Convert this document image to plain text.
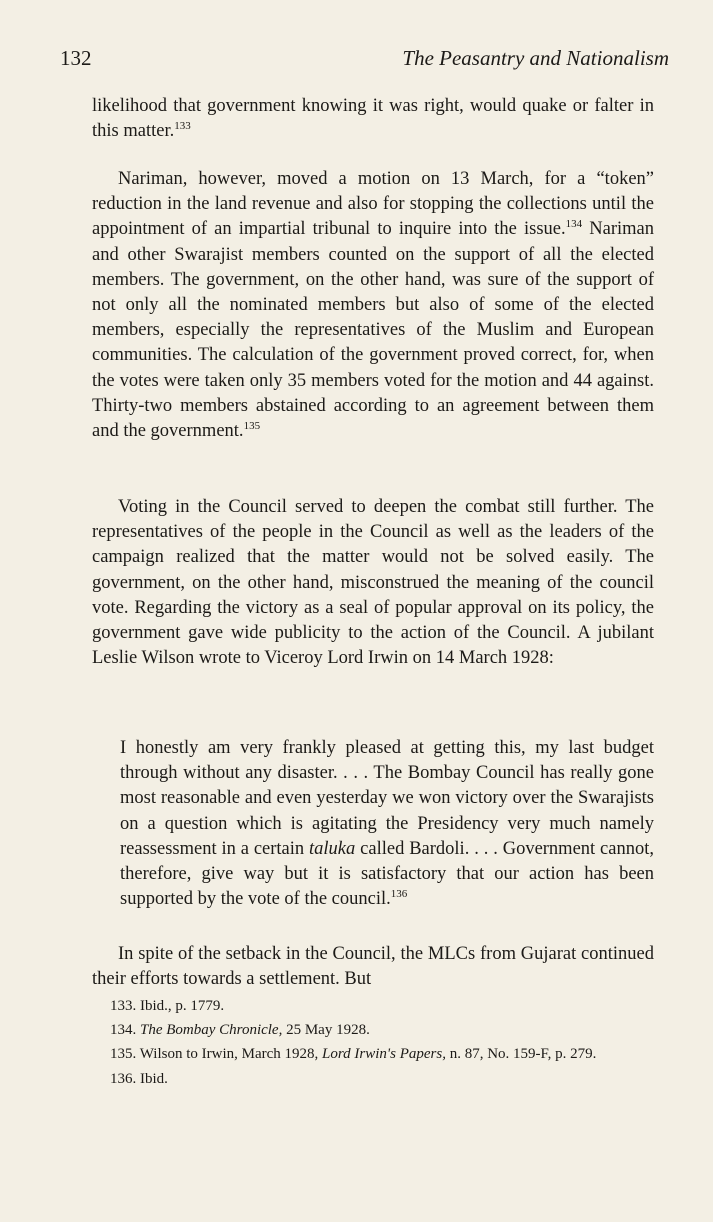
132	The Peasantry and Nationalism

likelihood that government knowing it was right, would quake or falter in this matter.$^{133}$

Nariman, however, moved a motion on 13 March, for a “token” reduction in the land revenue and also for stopping the collections until the appointment of an impartial tribunal to inquire into the issue.$^{134}$ Nariman and other Swarajist members counted on the support of all the elected members. The government, on the other hand, was sure of the support of not only all the nominated members but also of some of the elected members, especially the representatives of the Muslim and European communities. The calculation of the government proved correct, for, when the votes were taken only 35 members voted for the motion and 44 against. Thirty-two members abstained according to an agreement between them and the government.$^{135}$

Voting in the Council served to deepen the combat still further. The representatives of the people in the Council as well as the leaders of the campaign realized that the matter would not be solved easily. The government, on the other hand, misconstrued the meaning of the council vote. Regarding the victory as a seal of popular approval on its policy, the government gave wide publicity to the action of the Council. A jubilant Leslie Wilson wrote to Viceroy Lord Irwin on 14 March 1928:

I honestly am very frankly pleased at getting this, my last budget through without any disaster. . . . The Bombay Council has really gone most reasonable and even yesterday we won victory over the Swarajists on a question which is agitating the Presidency very much namely reassessment in a certain taluka called Bardoli. . . . Government cannot, therefore, give way but it is satisfactory that our action has been supported by the vote of the council.$^{136}$

In spite of the setback in the Council, the MLCs from Gujarat continued their efforts towards a settlement. But

133. Ibid., p. 1779.

134. The Bombay Chronicle, 25 May 1928.

135. Wilson to Irwin, March 1928, Lord Irwin's Papers, n. 87, No. 159-F, p. 279.

136. Ibid.
